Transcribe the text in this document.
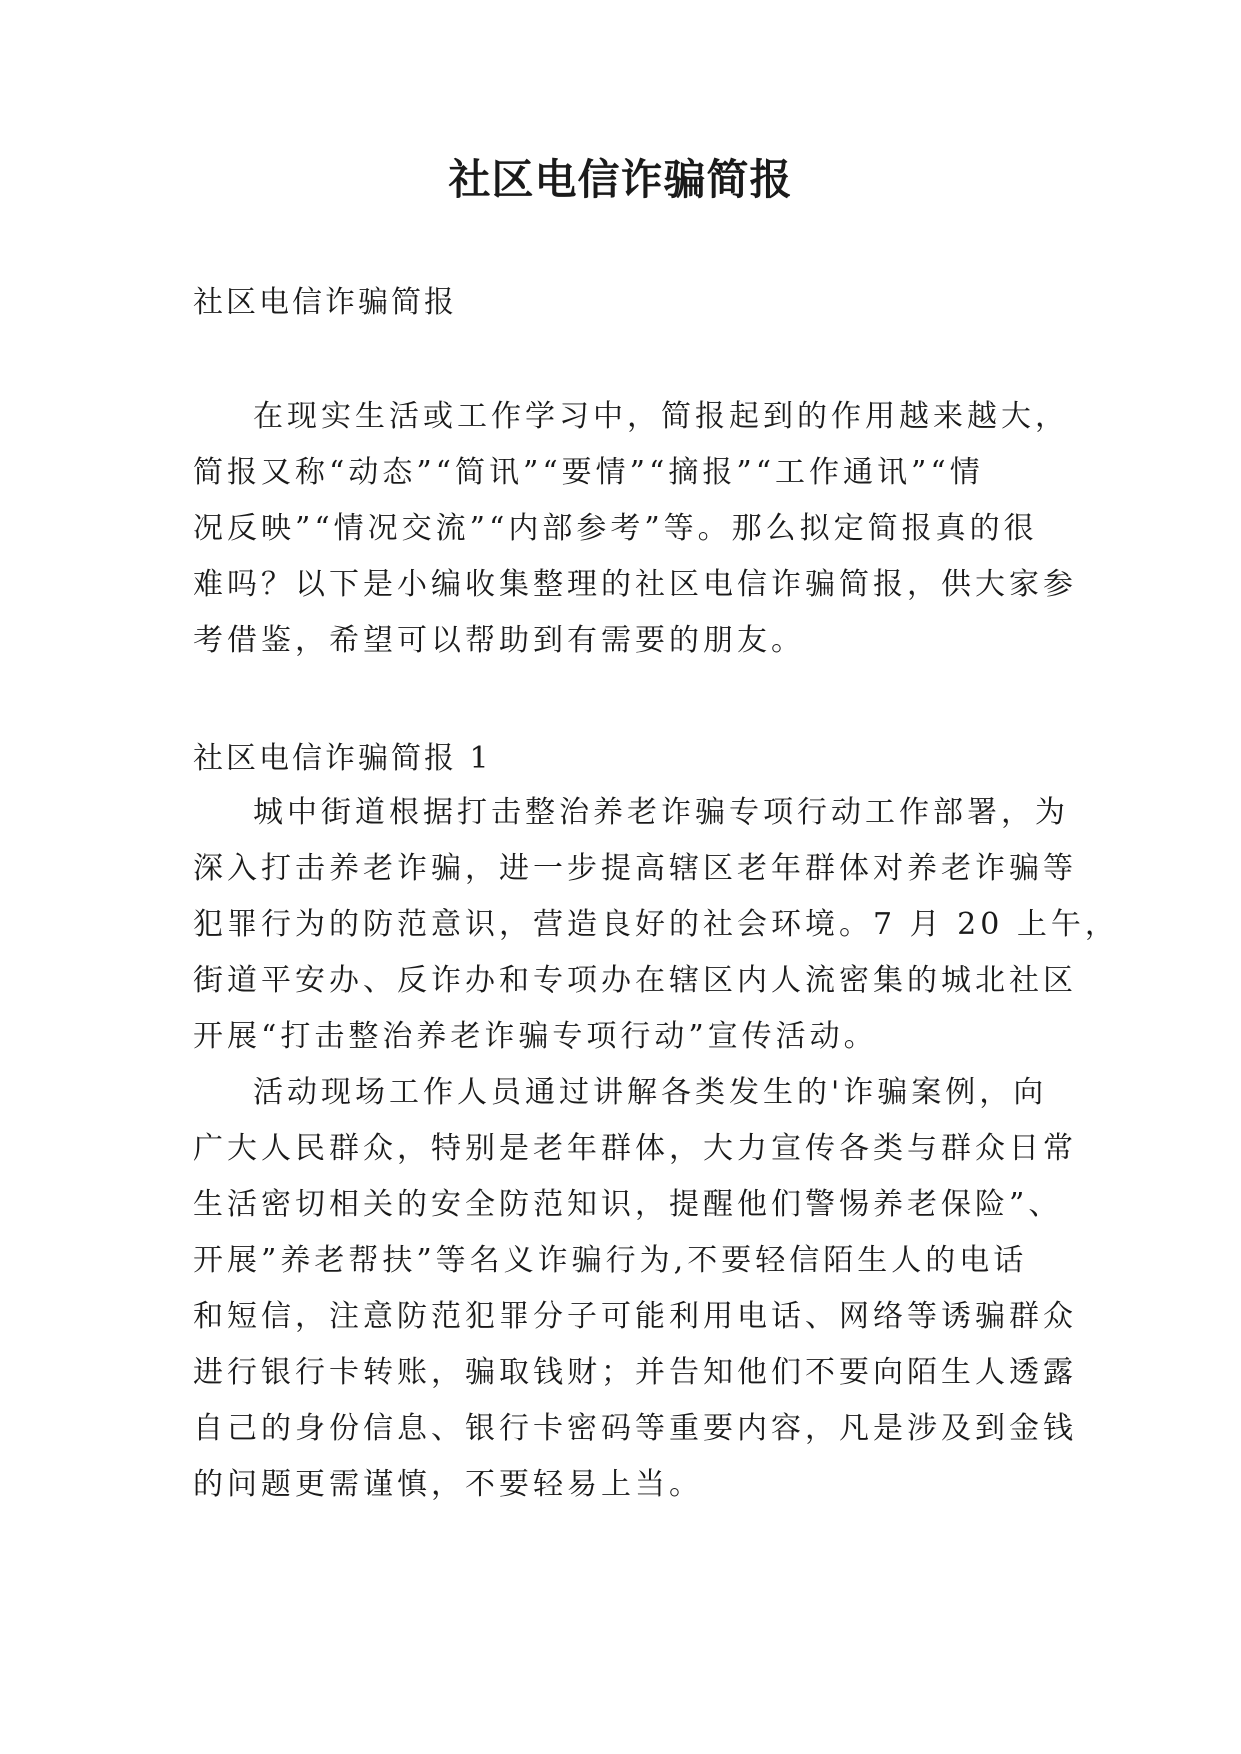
社区电信诈骗简报

社区电信诈骗简报

在现实生活或工作学习中，简报起到的作用越来越大，

简报又称“动态”“简讯”“要情”“摘报”“工作通讯”“情

况反映”“情况交流”“内部参考”等。那么拟定简报真的很

难吗？以下是小编收集整理的社区电信诈骗简报，供大家参

考借鉴，希望可以帮助到有需要的朋友。

社区电信诈骗简报 1

城中街道根据打击整治养老诈骗专项行动工作部署，为

深入打击养老诈骗，进一步提高辖区老年群体对养老诈骗等

犯罪行为的防范意识，营造良好的社会环境。7 月 20 上午，

街道平安办、反诈办和专项办在辖区内人流密集的城北社区

开展“打击整治养老诈骗专项行动”宣传活动。

活动现场工作人员通过讲解各类发生的'诈骗案例，向

广大人民群众，特别是老年群体，大力宣传各类与群众日常

生活密切相关的安全防范知识，提醒他们警惕养老保险”、

开展”养老帮扶”等名义诈骗行为,不要轻信陌生人的电话

和短信，注意防范犯罪分子可能利用电话、网络等诱骗群众

进行银行卡转账，骗取钱财；并告知他们不要向陌生人透露

自己的身份信息、银行卡密码等重要内容，凡是涉及到金钱

的问题更需谨慎，不要轻易上当。
